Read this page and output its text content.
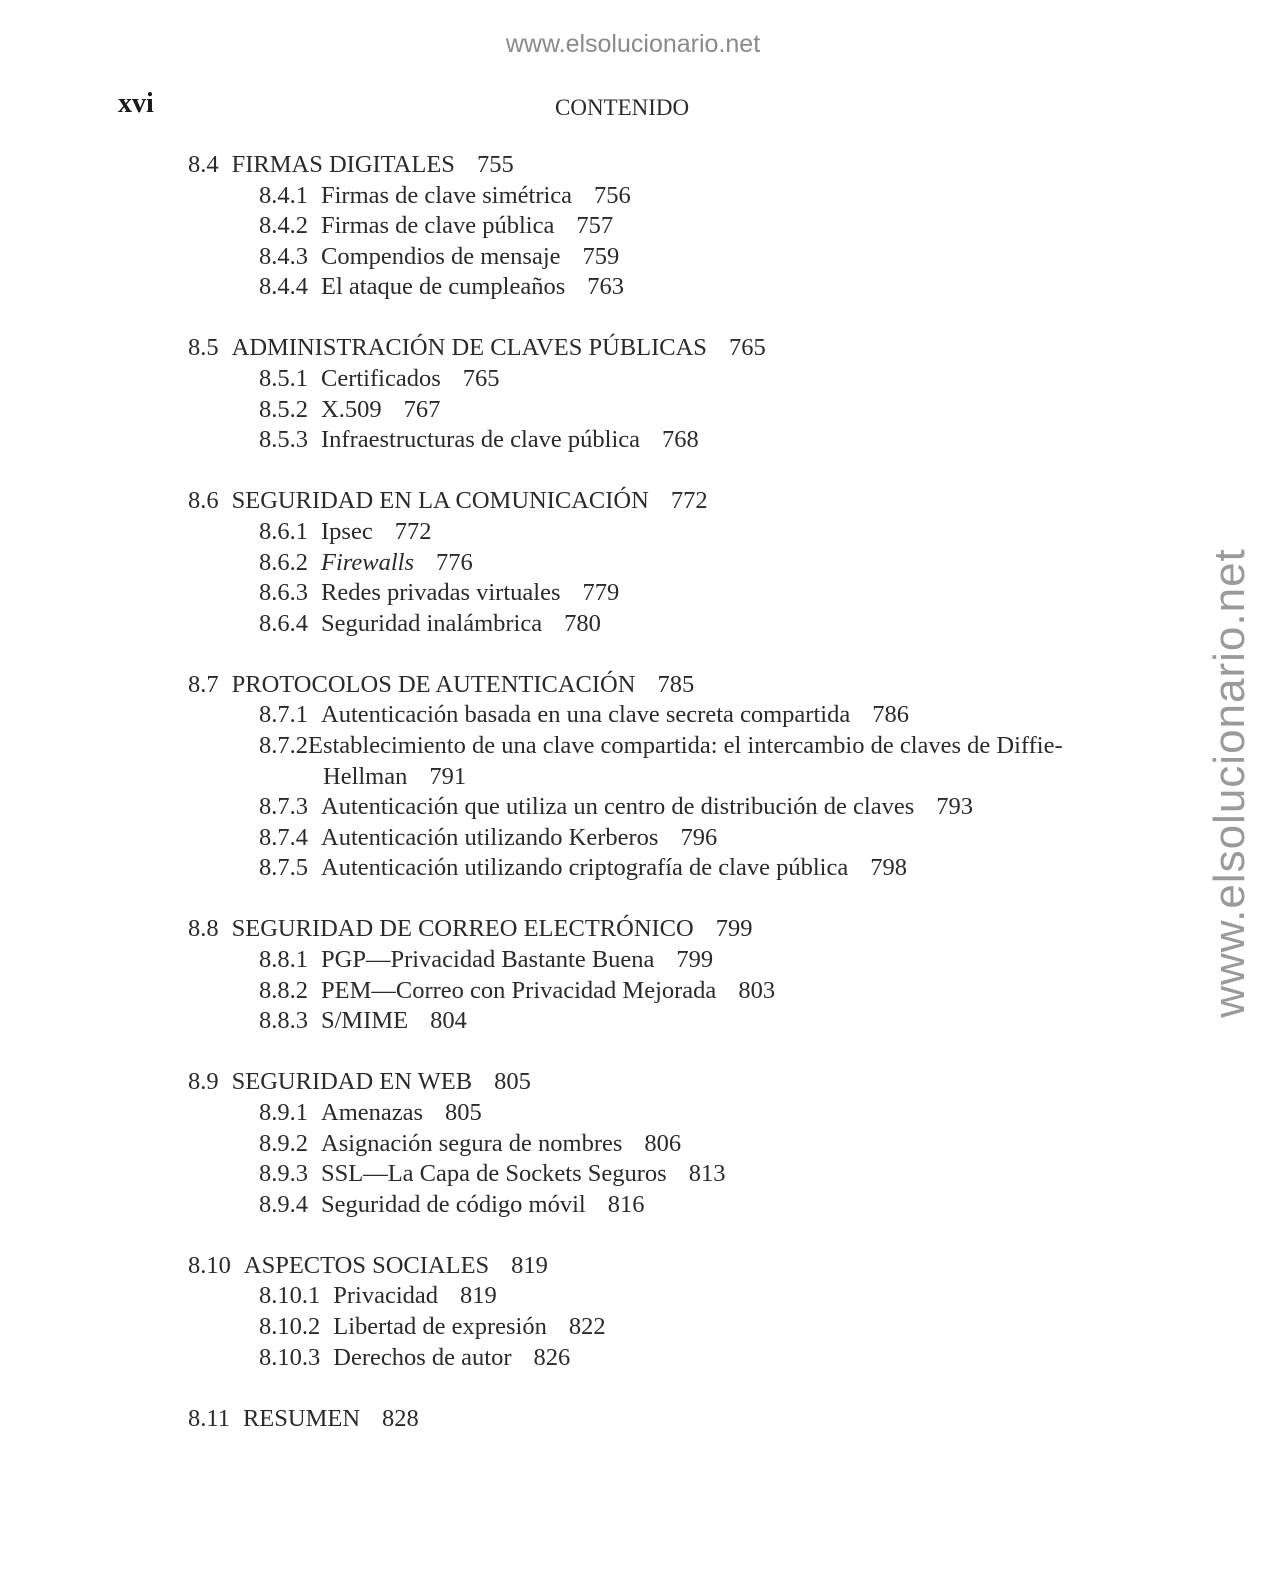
www.elsolucionario.net
www.elsolucionario.net
xvi	CONTENIDO
8.4 FIRMAS DIGITALES 755
8.4.1 Firmas de clave simétrica 756
8.4.2 Firmas de clave pública 757
8.4.3 Compendios de mensaje 759
8.4.4 El ataque de cumpleaños 763
8.5 ADMINISTRACIÓN DE CLAVES PÚBLICAS 765
8.5.1 Certificados 765
8.5.2 X.509 767
8.5.3 Infraestructuras de clave pública 768
8.6 SEGURIDAD EN LA COMUNICACIÓN 772
8.6.1 Ipsec 772
8.6.2 Firewalls 776
8.6.3 Redes privadas virtuales 779
8.6.4 Seguridad inalámbrica 780
8.7 PROTOCOLOS DE AUTENTICACIÓN 785
8.7.1 Autenticación basada en una clave secreta compartida 786
8.7.2Establecimiento de una clave compartida: el intercambio de claves de Diffie-Hellman 791
8.7.3 Autenticación que utiliza un centro de distribución de claves 793
8.7.4 Autenticación utilizando Kerberos 796
8.7.5 Autenticación utilizando criptografía de clave pública 798
8.8 SEGURIDAD DE CORREO ELECTRÓNICO 799
8.8.1 PGP—Privacidad Bastante Buena 799
8.8.2 PEM—Correo con Privacidad Mejorada 803
8.8.3 S/MIME 804
8.9 SEGURIDAD EN WEB 805
8.9.1 Amenazas 805
8.9.2 Asignación segura de nombres 806
8.9.3 SSL—La Capa de Sockets Seguros 813
8.9.4 Seguridad de código móvil 816
8.10 ASPECTOS SOCIALES 819
8.10.1 Privacidad 819
8.10.2 Libertad de expresión 822
8.10.3 Derechos de autor 826
8.11 RESUMEN 828
